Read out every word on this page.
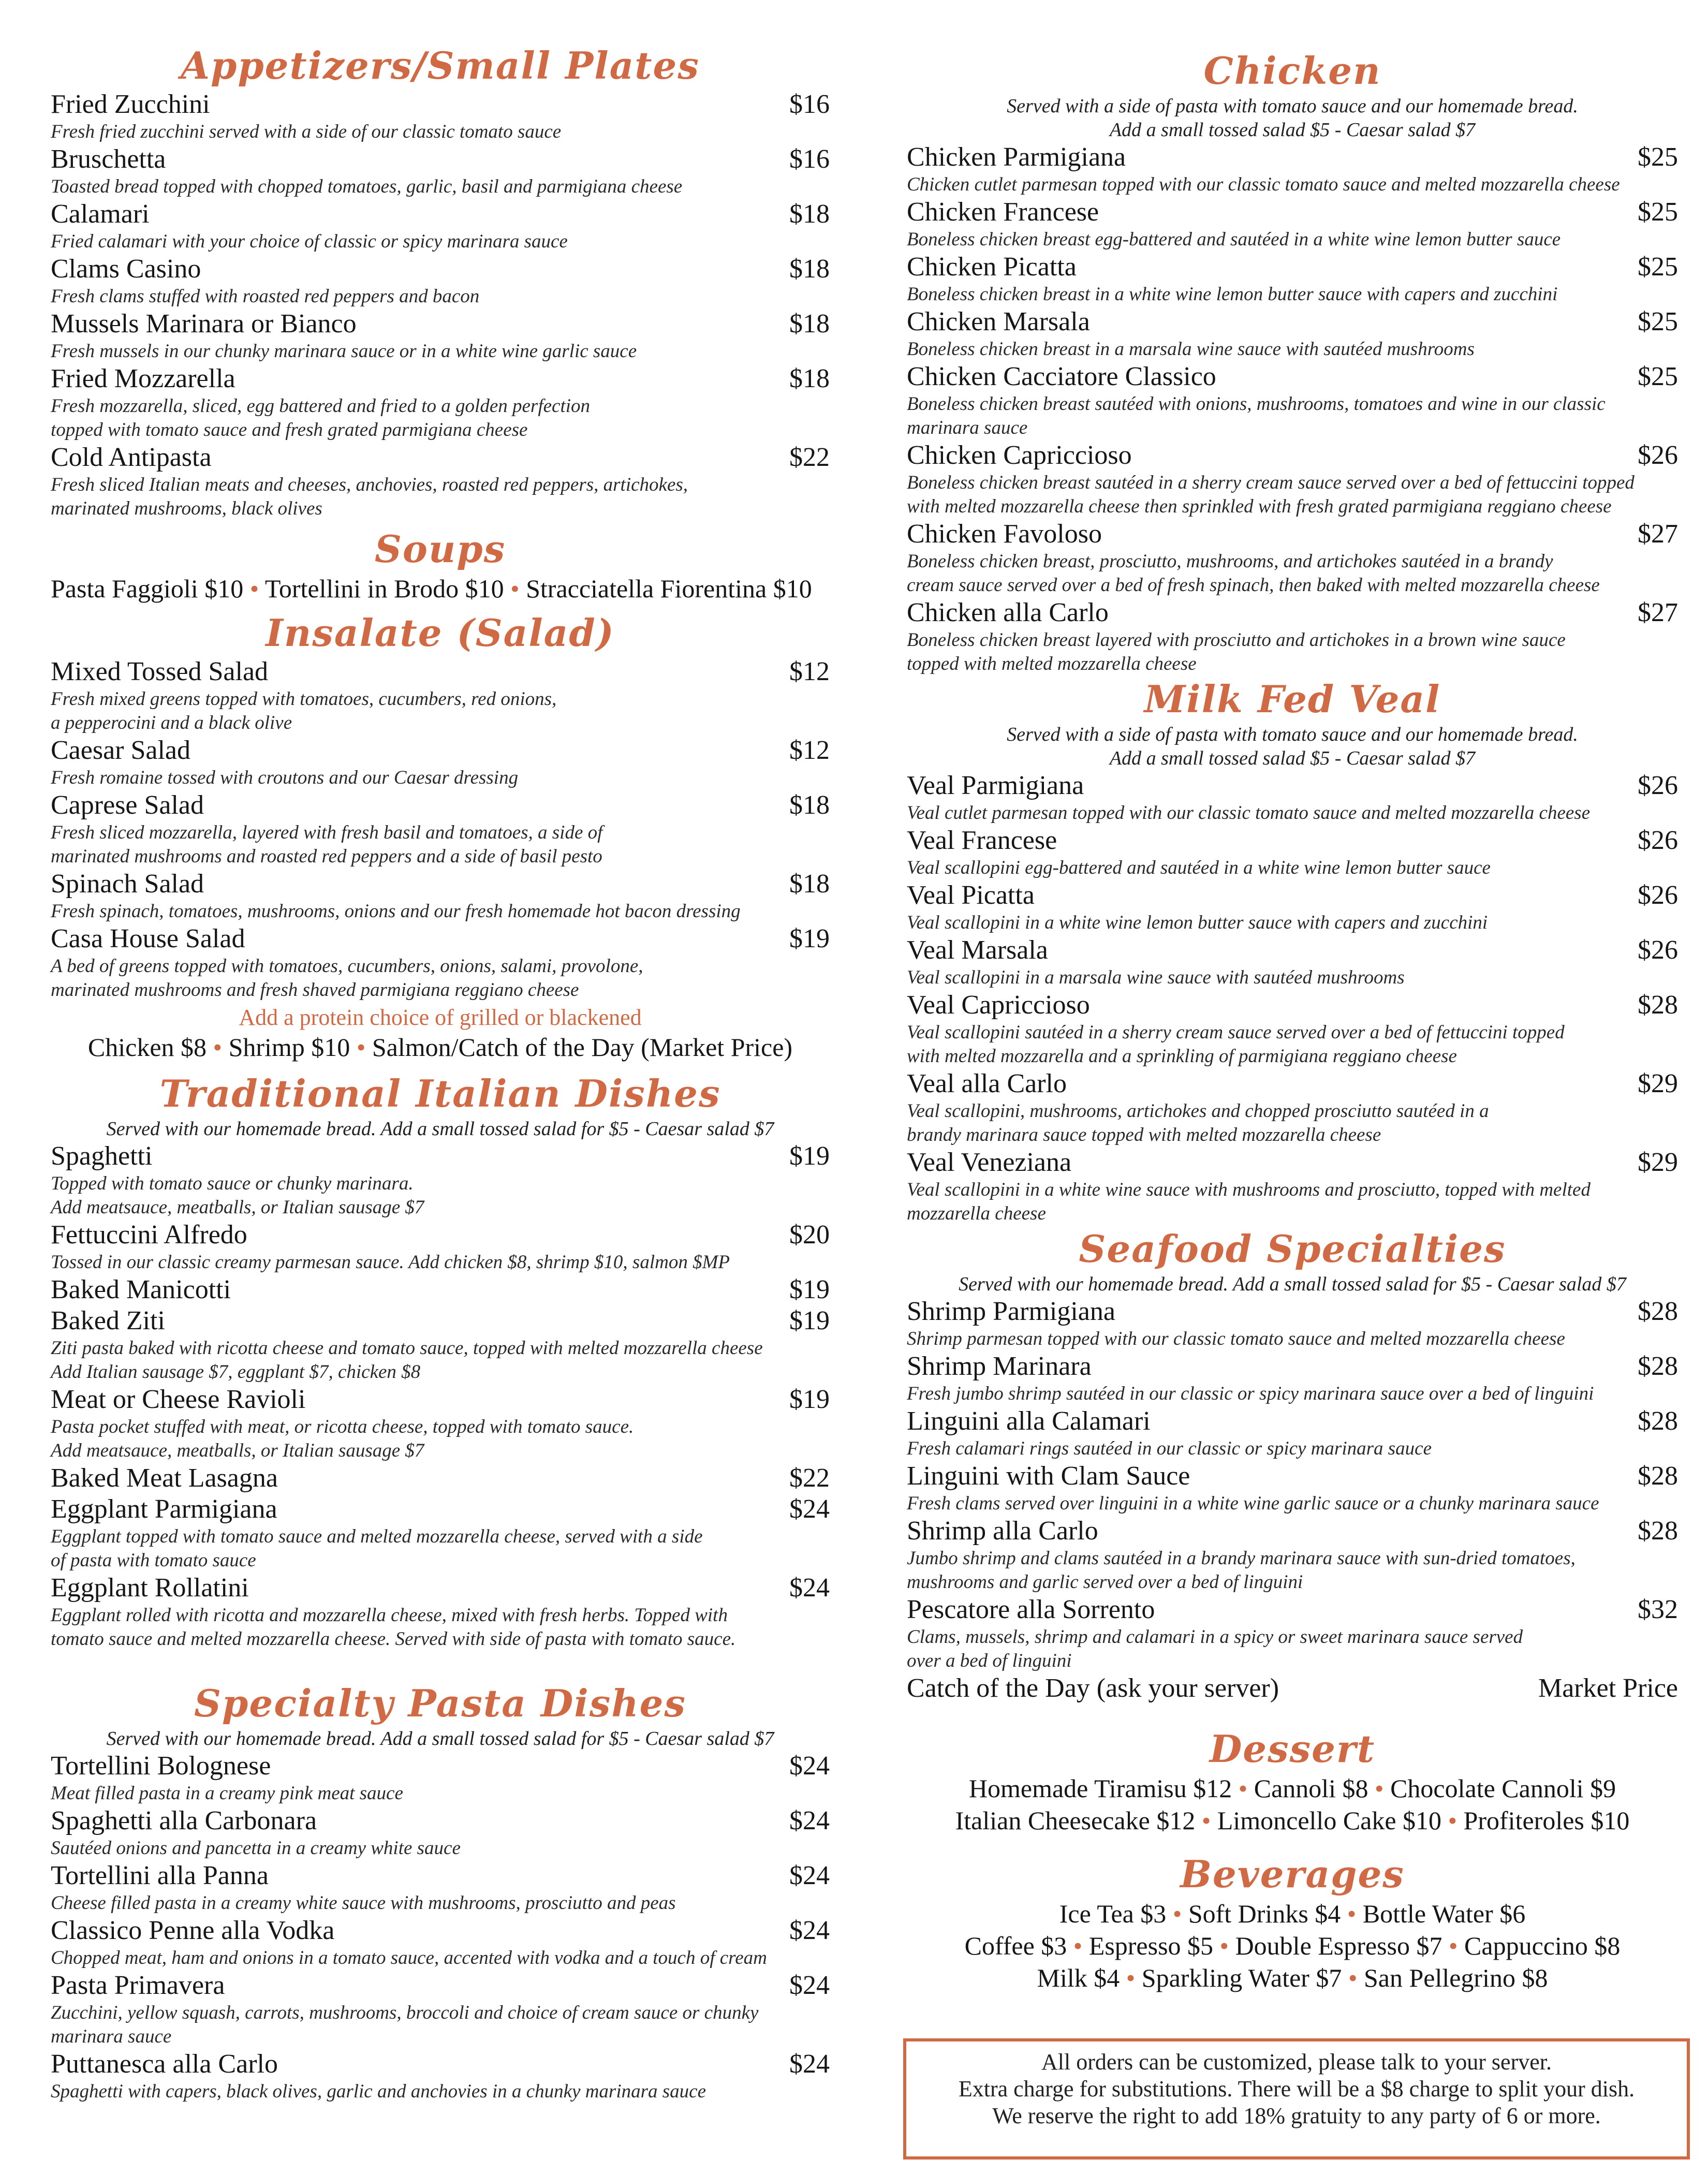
Appetizers/Small Plates
Fried Zucchini	$16
Fresh fried zucchini served with a side of our classic tomato sauce
Bruschetta	$16
Toasted bread topped with chopped tomatoes, garlic, basil and parmigiana cheese
Calamari	$18
Fried calamari with your choice of classic or spicy marinara sauce
Clams Casino	$18
Fresh clams stuffed with roasted red peppers and bacon
Mussels Marinara or Bianco	$18
Fresh mussels in our chunky marinara sauce or in a white wine garlic sauce
Fried Mozzarella	$18
Fresh mozzarella, sliced, egg battered and fried to a golden perfection
topped with tomato sauce and fresh grated parmigiana cheese
Cold Antipasta	$22
Fresh sliced Italian meats and cheeses, anchovies, roasted red peppers, artichokes,
marinated mushrooms, black olives
Soups
Pasta Faggioli $10 • Tortellini in Brodo $10 • Stracciatella Fiorentina $10
Insalate (Salad)
Mixed Tossed Salad	$12
Fresh mixed greens topped with tomatoes, cucumbers, red onions,
a pepperocini and a black olive
Caesar Salad	$12
Fresh romaine tossed with croutons and our Caesar dressing
Caprese Salad	$18
Fresh sliced mozzarella, layered with fresh basil and tomatoes, a side of
marinated mushrooms and roasted red peppers and a side of basil pesto
Spinach Salad	$18
Fresh spinach, tomatoes, mushrooms, onions and our fresh homemade hot bacon dressing
Casa House Salad	$19
A bed of greens topped with tomatoes, cucumbers, onions, salami, provolone,
marinated mushrooms and fresh shaved parmigiana reggiano cheese
Add a protein choice of grilled or blackened
Chicken $8 • Shrimp $10 • Salmon/Catch of the Day (Market Price)
Traditional Italian Dishes
Served with our homemade bread. Add a small tossed salad for $5 - Caesar salad $7
Spaghetti	$19
Topped with tomato sauce or chunky marinara.
Add meatsauce, meatballs, or Italian sausage $7
Fettuccini Alfredo	$20
Tossed in our classic creamy parmesan sauce. Add chicken $8, shrimp $10, salmon $MP
Baked Manicotti	$19
Baked Ziti	$19
Ziti pasta baked with ricotta cheese and tomato sauce, topped with melted mozzarella cheese
Add Italian sausage $7, eggplant $7, chicken $8
Meat or Cheese Ravioli	$19
Pasta pocket stuffed with meat, or ricotta cheese, topped with tomato sauce.
Add meatsauce, meatballs, or Italian sausage $7
Baked Meat Lasagna	$22
Eggplant Parmigiana	$24
Eggplant topped with tomato sauce and melted mozzarella cheese, served with a side
of pasta with tomato sauce
Eggplant Rollatini	$24
Eggplant rolled with ricotta and mozzarella cheese, mixed with fresh herbs. Topped with
tomato sauce and melted mozzarella cheese. Served with side of pasta with tomato sauce.
Specialty Pasta Dishes
Served with our homemade bread. Add a small tossed salad for $5 - Caesar salad $7
Tortellini Bolognese	$24
Meat filled pasta in a creamy pink meat sauce
Spaghetti alla Carbonara	$24
Sautéed onions and pancetta in a creamy white sauce
Tortellini alla Panna	$24
Cheese filled pasta in a creamy white sauce with mushrooms, prosciutto and peas
Classico Penne alla Vodka	$24
Chopped meat, ham and onions in a tomato sauce, accented with vodka and a touch of cream
Pasta Primavera	$24
Zucchini, yellow squash, carrots, mushrooms, broccoli and choice of cream sauce or chunky
marinara sauce
Puttanesca alla Carlo	$24
Spaghetti with capers, black olives, garlic and anchovies in a chunky marinara sauce
Chicken
Served with a side of pasta with tomato sauce and our homemade bread.
Add a small tossed salad $5 - Caesar salad $7
Chicken Parmigiana	$25
Chicken cutlet parmesan topped with our classic tomato sauce and melted mozzarella cheese
Chicken Francese	$25
Boneless chicken breast egg-battered and sautéed in a white wine lemon butter sauce
Chicken Picatta	$25
Boneless chicken breast in a white wine lemon butter sauce with capers and zucchini
Chicken Marsala	$25
Boneless chicken breast in a marsala wine sauce with sautéed mushrooms
Chicken Cacciatore Classico	$25
Boneless chicken breast sautéed with onions, mushrooms, tomatoes and wine in our classic
marinara sauce
Chicken Capriccioso	$26
Boneless chicken breast sautéed in a sherry cream sauce served over a bed of fettuccini topped
with melted mozzarella cheese then sprinkled with fresh grated parmigiana reggiano cheese
Chicken Favoloso	$27
Boneless chicken breast, prosciutto, mushrooms, and artichokes sautéed in a brandy
cream sauce served over a bed of fresh spinach, then baked with melted mozzarella cheese
Chicken alla Carlo	$27
Boneless chicken breast layered with prosciutto and artichokes in a brown wine sauce
topped with melted mozzarella cheese
Milk Fed Veal
Served with a side of pasta with tomato sauce and our homemade bread.
Add a small tossed salad $5 - Caesar salad $7
Veal Parmigiana	$26
Veal cutlet parmesan topped with our classic tomato sauce and melted mozzarella cheese
Veal Francese	$26
Veal scallopini egg-battered and sautéed in a white wine lemon butter sauce
Veal Picatta	$26
Veal scallopini in a white wine lemon butter sauce with capers and zucchini
Veal Marsala	$26
Veal scallopini in a marsala wine sauce with sautéed mushrooms
Veal Capriccioso	$28
Veal scallopini sautéed in a sherry cream sauce served over a bed of fettuccini topped
with melted mozzarella and a sprinkling of parmigiana reggiano cheese
Veal alla Carlo	$29
Veal scallopini, mushrooms, artichokes and chopped prosciutto sautéed in a
brandy marinara sauce topped with melted mozzarella cheese
Veal Veneziana	$29
Veal scallopini in a white wine sauce with mushrooms and prosciutto, topped with melted
mozzarella cheese
Seafood Specialties
Served with our homemade bread. Add a small tossed salad for $5 - Caesar salad $7
Shrimp Parmigiana	$28
Shrimp parmesan topped with our classic tomato sauce and melted mozzarella cheese
Shrimp Marinara	$28
Fresh jumbo shrimp sautéed in our classic or spicy marinara sauce over a bed of linguini
Linguini alla Calamari	$28
Fresh calamari rings sautéed in our classic or spicy marinara sauce
Linguini with Clam Sauce	$28
Fresh clams served over linguini in a white wine garlic sauce or a chunky marinara sauce
Shrimp alla Carlo	$28
Jumbo shrimp and clams sautéed in a brandy marinara sauce with sun-dried tomatoes,
mushrooms and garlic served over a bed of linguini
Pescatore alla Sorrento	$32
Clams, mussels, shrimp and calamari in a spicy or sweet marinara sauce served
over a bed of linguini
Catch of the Day (ask your server)	Market Price
Dessert
Homemade Tiramisu $12 • Cannoli $8 • Chocolate Cannoli $9
Italian Cheesecake $12 • Limoncello Cake $10 • Profiteroles $10
Beverages
Ice Tea $3 • Soft Drinks $4 • Bottle Water $6
Coffee $3 • Espresso $5 • Double Espresso $7 • Cappuccino $8
Milk $4 • Sparkling Water $7 • San Pellegrino $8
All orders can be customized, please talk to your server.
Extra charge for substitutions. There will be a $8 charge to split your dish.
We reserve the right to add 18% gratuity to any party of 6 or more.
